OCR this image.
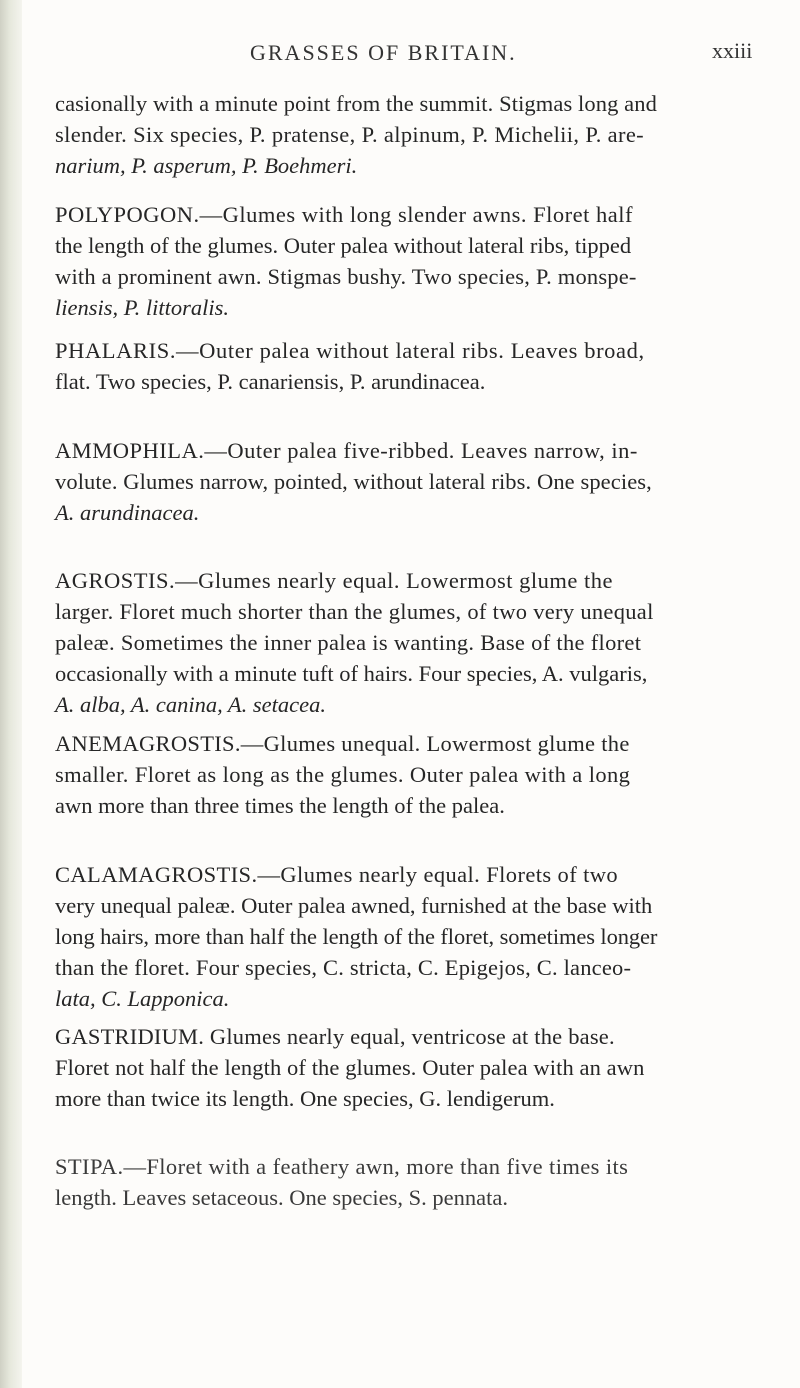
GRASSES OF BRITAIN.	xxiii
casionally with a minute point from the summit. Stigmas long and
slender. Six species, P. pratense, P. alpinum, P. Michelii, P. are-
narium, P. asperum, P. Boehmeri.
POLYPOGON.—Glumes with long slender awns. Floret half
the length of the glumes. Outer palea without lateral ribs, tipped
with a prominent awn. Stigmas bushy. Two species, P. monspe-
liensis, P. littoralis.
PHALARIS.—Outer palea without lateral ribs. Leaves broad,
flat. Two species, P. canariensis, P. arundinacea.
AMMOPHILA.—Outer palea five-ribbed. Leaves narrow, in-
volute. Glumes narrow, pointed, without lateral ribs. One species,
A. arundinacea.
AGROSTIS.—Glumes nearly equal. Lowermost glume the
larger. Floret much shorter than the glumes, of two very unequal
paleæ. Sometimes the inner palea is wanting. Base of the floret
occasionally with a minute tuft of hairs. Four species, A. vulgaris,
A. alba, A. canina, A. setacea.
ANEMAGROSTIS.—Glumes unequal. Lowermost glume the
smaller. Floret as long as the glumes. Outer palea with a long
awn more than three times the length of the palea.
CALAMAGROSTIS.—Glumes nearly equal. Florets of two
very unequal paleæ. Outer palea awned, furnished at the base with
long hairs, more than half the length of the floret, sometimes longer
than the floret. Four species, C. stricta, C. Epigejos, C. lanceo-
lata, C. Lapponica.
GASTRIDIUM. Glumes nearly equal, ventricose at the base.
Floret not half the length of the glumes. Outer palea with an awn
more than twice its length. One species, G. lendigerum.
STIPA.—Floret with a feathery awn, more than five times its
length. Leaves setaceous. One species, S. pennata.
